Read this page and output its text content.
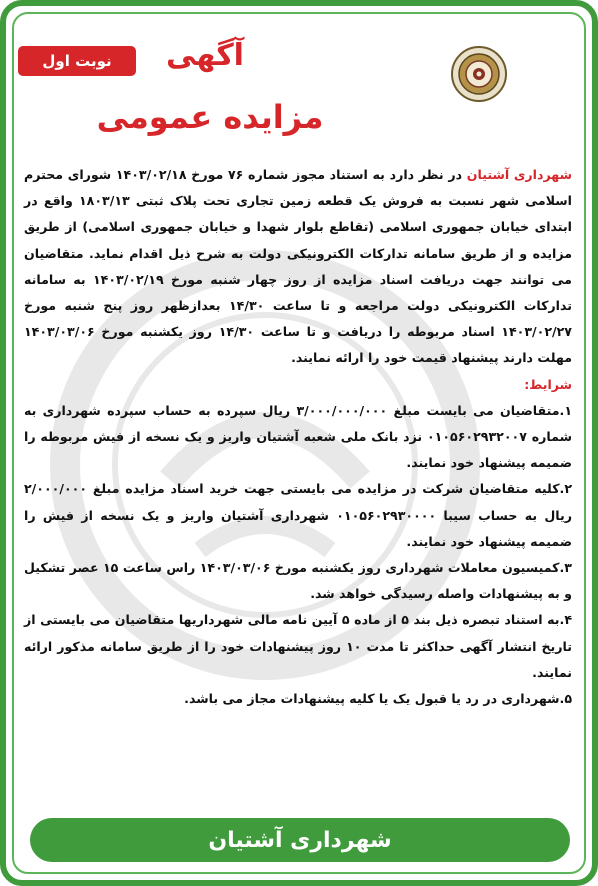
نوبت اول	آگهی
مزایده عمومی

شهرداری آشتیان در نظر دارد به استناد مجوز شماره ۷۶ مورخ ۱۴۰۳/۰۲/۱۸ شورای محترم اسلامی شهر نسبت به فروش یک قطعه زمین تجاری تحت پلاک ثبتی ۱۸۰۳/۱۳ واقع در ابتدای خیابان جمهوری اسلامی (تقاطع بلوار شهدا و خیابان جمهوری اسلامی) از طریق مزایده و از طریق سامانه تدارکات الکترونیکی دولت به شرح ذیل اقدام نماید. متقاضیان می توانند جهت دریافت اسناد مزایده از روز چهار شنبه مورخ ۱۴۰۳/۰۲/۱۹ به سامانه تدارکات الکترونیکی دولت مراجعه و تا ساعت ۱۴/۳۰ بعدازظهر روز پنج شنبه مورخ ۱۴۰۳/۰۲/۲۷ اسناد مربوطه را دریافت و تا ساعت ۱۴/۳۰ روز یکشنبه مورخ ۱۴۰۳/۰۳/۰۶ مهلت دارند پیشنهاد قیمت خود را ارائه نمایند.

شرایط:

۱.متقاضیان می بایست مبلغ ۳/۰۰۰/۰۰۰/۰۰۰ ریال سپرده به حساب سپرده شهرداری به شماره ۰۱۰۵۶۰۲۹۳۲۰۰۷ نزد بانک ملی شعبه آشتیان واریز و یک نسخه از فیش مربوطه را ضمیمه پیشنهاد خود نمایند.

۲.کلیه متقاضیان شرکت در مزایده می بایستی جهت خرید اسناد مزایده مبلغ ۲/۰۰۰/۰۰۰ ریال به حساب سیبا ۰۱۰۵۶۰۲۹۳۰۰۰۰ شهرداری آشتیان واریز و یک نسخه از فیش را ضمیمه پیشنهاد خود نمایند.

۳.کمیسیون معاملات شهرداری روز یکشنبه مورخ ۱۴۰۳/۰۳/۰۶ راس ساعت ۱۵ عصر تشکیل و به پیشنهادات واصله رسیدگی خواهد شد.

۴.به استناد تبصره ذیل بند ۵ از ماده ۵ آیین نامه مالی شهرداریها متقاضیان می بایستی از تاریخ انتشار آگهی حداکثر تا مدت ۱۰ روز پیشنهادات خود را از طریق سامانه مذکور ارائه نمایند.

۵.شهرداری در رد یا قبول یک یا کلیه پیشنهادات مجاز می باشد.

شهرداری آشتیان
